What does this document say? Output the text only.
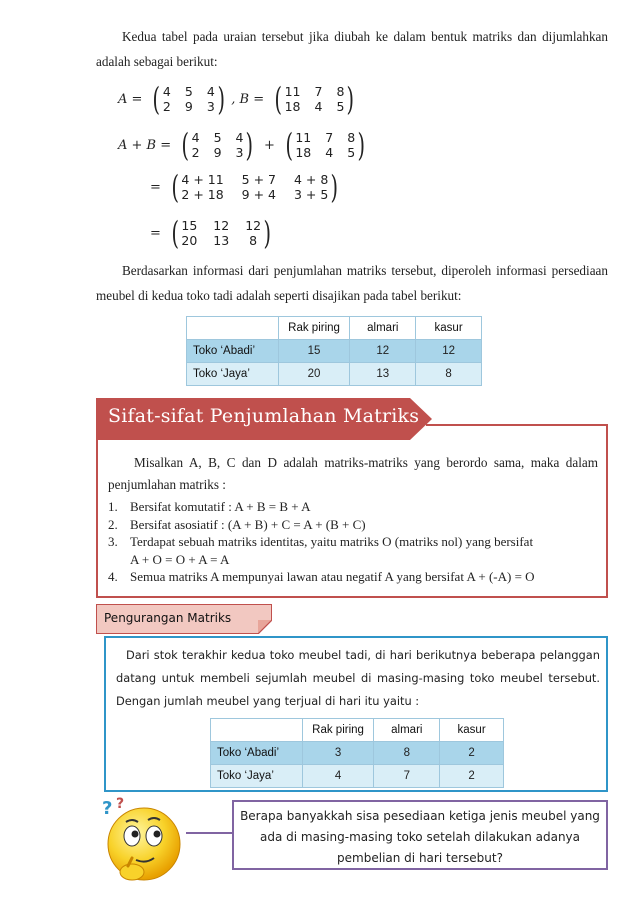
Kedua tabel pada uraian tersebut jika diubah ke dalam bentuk matriks dan dijumlahkan adalah sebagai berikut:

A = ( 4 5 4
2 9 3 ) , B = ( 11 7 8
18 4 5 )
A + B = ( 4 5 4
2 9 3 ) + ( 11 7 8
18 4 5 )
= ( 4 + 11 5 + 7 4 + 8
2 + 18 9 + 4 3 + 5 )
= ( 15 12 12
20 13	8 )

Berdasarkan informasi dari penjumlahan matriks tersebut, diperoleh informasi persediaan meubel di kedua toko tadi adalah seperti disajikan pada tabel berikut:

	Rak piring	almari	kasur
Toko ‘Abadi’	15	12	12
Toko ‘Jaya’	20	13	8
Sifat-sifat Penjumlahan Matriks

Misalkan A, B, C dan D adalah matriks-matriks yang berordo sama, maka dalam penjumlahan matriks :

1. Bersifat komutatif : A + B = B + A
2. Bersifat asosiatif : (A + B) + C = A + (B + C)
3. Terdapat sebuah matriks identitas, yaitu matriks O (matriks nol) yang bersifat
A + O = O + A = A
4. Semua matriks A mempunyai lawan atau negatif A yang bersifat A + (-A) = O
Pengurangan Matriks

Dari stok terakhir kedua toko meubel tadi, di hari berikutnya beberapa pelanggan datang untuk membeli sejumlah meubel di masing-masing toko meubel tersebut. Dengan jumlah meubel yang terjual di hari itu yaitu :

	Rak piring	almari	kasur
Toko ‘Abadi’	3	8	2
Toko ‘Jaya’	4	7	2
? ?

Berapa banyakkah sisa pesediaan ketiga jenis meubel yang ada di masing-masing toko setelah dilakukan adanya pembelian di hari tersebut?
